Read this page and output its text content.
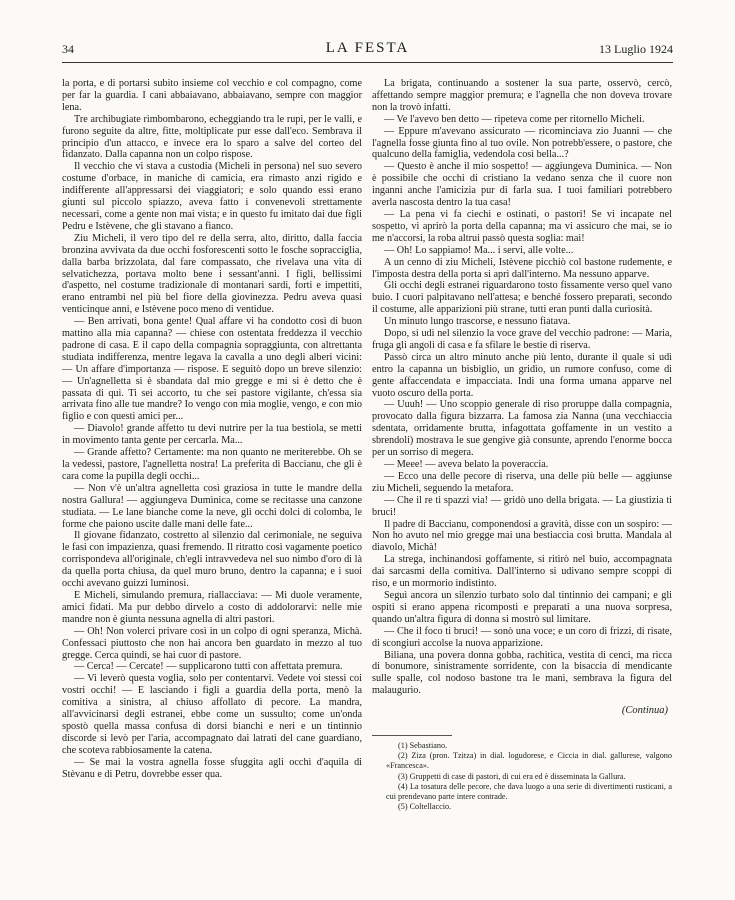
34	LA FESTA	13 Luglio 1924

la porta, e di portarsi subito insieme col vecchio e col compagno, come per far la guardia. I cani abbaiavano, abbaiavano, sempre con maggior lena.

Tre archibugiate rimbombarono, echeggiando tra le rupi, per le valli, e furono seguite da altre, fitte, moltiplicate pur esse dall'eco. Sembrava il principio d'un attacco, e invece era lo sparo a salve del corteo del fidanzato. Dalla capanna non un colpo rispose.

Il vecchio che vi stava a custodia (Micheli in persona) nel suo severo costume d'orbace, in maniche di camicia, era rimasto anzi rigido e indifferente all'appressarsi dei viaggiatori; e solo quando essi erano giunti sul piccolo spiazzo, aveva fatto i convenevoli strettamente necessari, come a gente non mai vista; e in questo fu imitato dai due figli Pedru e Istèvene, che gli stavano a fianco.

Ziu Micheli, il vero tipo del re della serra, alto, diritto, dalla faccia bronzina avvivata da due occhi fosforescenti sotto le fosche sopracciglia, dalla barba brizzolata, dal fare compassato, che rivelava una vita di selvatichezza, portava molto bene i sessant'anni. I figli, bellissimi d'aspetto, nel costume tradizionale di montanari sardi, forti e impettiti, erano entrambi nel più bel fiore della giovinezza. Pedru aveva quasi venticinque anni, e Istèvene poco meno di ventidue.

— Ben arrivati, bona gente! Qual affare vi ha condotto così di buon mattino alla mia capanna? — chiese con ostentata freddezza il vecchio padrone di casa. E il capo della compagnia sopraggiunta, con altrettanta studiata indifferenza, mentre legava la cavalla a uno degli alberi vicini: — Un affare d'importanza — rispose. E seguitò dopo un breve silenzio: — Un'agnelletta si è sbandata dal mio gregge e mi si è detto che è passata di qui. Ti sei accorto, tu che sei pastore vigilante, ch'essa sia arrivata fino alle tue mandre? Io vengo con mia moglie, vengo, e con mio figlio e con questi amici per...

— Diavolo! grande affetto tu devi nutrire per la tua bestiola, se metti in movimento tanta gente per cercarla. Ma...

— Grande affetto? Certamente: ma non quanto ne meriterebbe. Oh se la vedessi, pastore, l'agnelletta nostra! La preferita di Baccianu, che gli è cara come la pupilla degli occhi...

— Non v'è un'altra agnelletta così graziosa in tutte le mandre della nostra Gallura! — aggiungeva Dumìnica, come se recitasse una canzone studiata. — Le lane bianche come la neve, gli occhi dolci di colomba, le forme che paiono uscite dalle mani delle fate...

Il giovane fidanzato, costretto al silenzio dal cerimoniale, ne seguiva le fasi con impazienza, quasi fremendo. Il ritratto così vagamente poetico corrispondeva all'originale, ch'egli intravvedeva nel suo nimbo d'oro di là da quella porta chiusa, da quel muro bruno, dentro la capanna; e i suoi occhi avevano guizzi luminosi.

E Micheli, simulando premura, riallacciava: — Mi duole veramente, amici fidati. Ma pur debbo dirvelo a costo di addolorarvi: nelle mie mandre non è giunta nessuna agnella di altri pastori.

— Oh! Non volerci privare così in un colpo di ogni speranza, Michà. Confessaci piuttosto che non hai ancora ben guardato in mezzo al tuo gregge. Cerca quindi, se hai cuor di pastore.

— Cerca! — Cercate! — supplicarono tutti con affettata premura.

— Vi leverò questa voglia, solo per contentarvi. Vedete voi stessi coi vostri occhi! — E lasciando i figli a guardia della porta, menò la comitiva a sinistra, al chiuso affollato di pecore. La mandra, all'avvicinarsi degli estranei, ebbe come un sussulto; come un'onda spostò quella massa confusa di dorsi bianchi e neri e un tintinnio discorde si levò per l'aria, accompagnato dai latrati del cane guardiano, che scoteva rabbiosamente la catena.

— Se mai la vostra agnella fosse sfuggita agli occhi d'aquila di Stèvanu e di Petru, dovrebbe esser qua.

La brigata, continuando a sostener la sua parte, osservò, cercò, affettando sempre maggior premura; e l'agnella che non doveva trovare non la trovò infatti.

— Ve l'avevo ben detto — ripeteva come per ritornello Micheli.

— Eppure m'avevano assicurato — ricominciava zio Juanni — che l'agnella fosse giunta fino al tuo ovile. Non potrebb'essere, o pastore, che qualcuno della famiglia, vedendola così bella...?

— Questo è anche il mio sospetto! — aggiungeva Dumìnica. — Non è possibile che occhi di cristiano la vedano senza che il cuore non inganni anche l'amicizia pur di farla sua. I tuoi familiari potrebbero averla nascosta dentro la tua casa!

— La pena vi fa ciechi e ostinati, o pastori! Se vi incapate nel sospetto, vi aprirò la porta della capanna; ma vi assicuro che mai, se io me n'accorsi, la roba altrui passò questa soglia: mai!

— Oh! Lo sappiamo! Ma... i servi, alle volte...

A un cenno di ziu Micheli, Istèvene picchiò col bastone rudemente, e l'imposta destra della porta si aprì dall'interno. Ma nessuno apparve.

Gli occhi degli estranei riguardarono tosto fissamente verso quel vano buio. I cuori palpitavano nell'attesa; e benché fossero preparati, secondo il costume, alle apparizioni più strane, tutti eran punti dalla curiosità.

Un minuto lungo trascorse, e nessuno fiatava.

Dopo, si udì nel silenzio la voce grave del vecchio padrone: — Maria, fruga gli angoli di casa e fa sfilare le bestie di riserva.

Passò circa un altro minuto anche più lento, durante il quale si udì entro la capanna un bisbiglio, un gridìo, un rumore confuso, come di gente affaccendata e impacciata. Indi una forma umana apparve nel vuoto oscuro della porta.

— Uuuh! — Uno scoppio generale di riso proruppe dalla compagnia, provocato dalla figura bizzarra. La famosa zia Nanna (una vecchiaccia sdentata, orridamente brutta, infagottata goffamente in un vestito a sbrendoli) mostrava le sue gengive già consunte, aprendo l'enorme bocca per un sorriso di megera.

— Meee! — aveva belato la poveraccia.

— Ecco una delle pecore di riserva, una delle più belle — aggiunse ziu Micheli, seguendo la metafora.

— Che il re ti spazzi via! — gridò uno della brigata. — La giustizia ti bruci!

Il padre di Baccianu, componendosi a gravità, disse con un sospiro: — Non ho avuto nel mio gregge mai una bestiaccia così brutta. Mandala al diavolo, Michà!

La strega, inchinandosi goffamente, si ritirò nel buio, accompagnata dai sarcasmi della comitiva. Dall'interno si udivano sempre scoppi di riso, e un mormorio indistinto.

Seguì ancora un silenzio turbato solo dal tintinnio dei campani; e gli ospiti si erano appena ricomposti e preparati a una nuova sorpresa, quando un'altra figura di donna si mostrò sul limitare.

— Che il foco ti bruci! — sonò una voce; e un coro di frizzi, di risate, di scongiuri accolse la nuova apparizione.

Biliana, una povera donna gobba, rachitica, vestita di cenci, ma ricca di bonumore, sinistramente sorridente, con la bisaccia di mendicante sulle spalle, col nodoso bastone tra le mani, sembrava la figura del malaugurio.

(Continua)

(1) Sebastiano.

(2) Ziza (pron. Tzitza) in dial. logudorese, e Ciccia in dial. gallurese, valgono «Francesca».

(3) Gruppetti di case di pastori, di cui era ed è disseminata la Gallura.

(4) La tosatura delle pecore, che dava luogo a una serie di divertimenti rusticani, a cui prendevano parte intere contrade.

(5) Coltellaccio.
